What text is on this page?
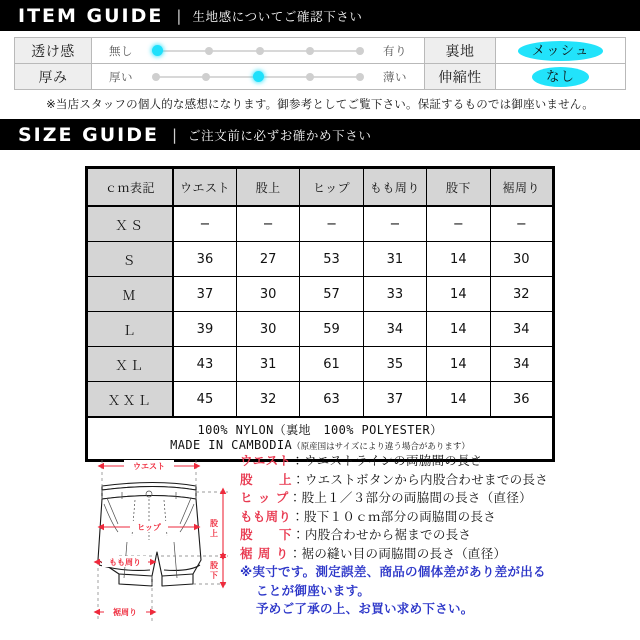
ITEM GUIDE | 生地感についてご確認下さい
透け感	無し 有り	裏地	メッシュ
厚み	厚い 薄い	伸縮性	なし
※当店スタッフの個人的な感想になります。御参考としてご覧下さい。保証するものでは御座いません。
SIZE GUIDE | ご注文前に必ずお確かめ下さい
ｃｍ表記	ウエスト	股上	ヒップ	もも周り	股下	裾周り
ＸＳ	−	−	−	−	−	−
Ｓ	36	27	53	31	14	30
Ｍ	37	30	57	33	14	32
Ｌ	39	30	59	34	14	34
ＸＬ	43	31	61	35	14	34
ＸＸＬ	45	32	63	37	14	36

100% NYLON（裏地　100% POLYESTER）
MADE IN CAMBODIA（原産国はサイズにより違う場合があります）						
ウエスト
ヒップ
もも周り
裾周り
股
上
股
下
ウエスト：ウエストラインの両脇間の長さ
股　　上：ウエストボタンから内股合わせまでの長さ
ヒ ッ プ：股上１／３部分の両脇間の長さ（直径）
もも周り：股下１０ｃｍ部分の両脇間の長さ
股　　下：内股合わせから裾までの長さ
裾 周 り：裾の縫い目の両脇間の長さ（直径）
※実寸です。測定誤差、商品の個体差があり差が出る
ことが御座います。
予めご了承の上、お買い求め下さい。
